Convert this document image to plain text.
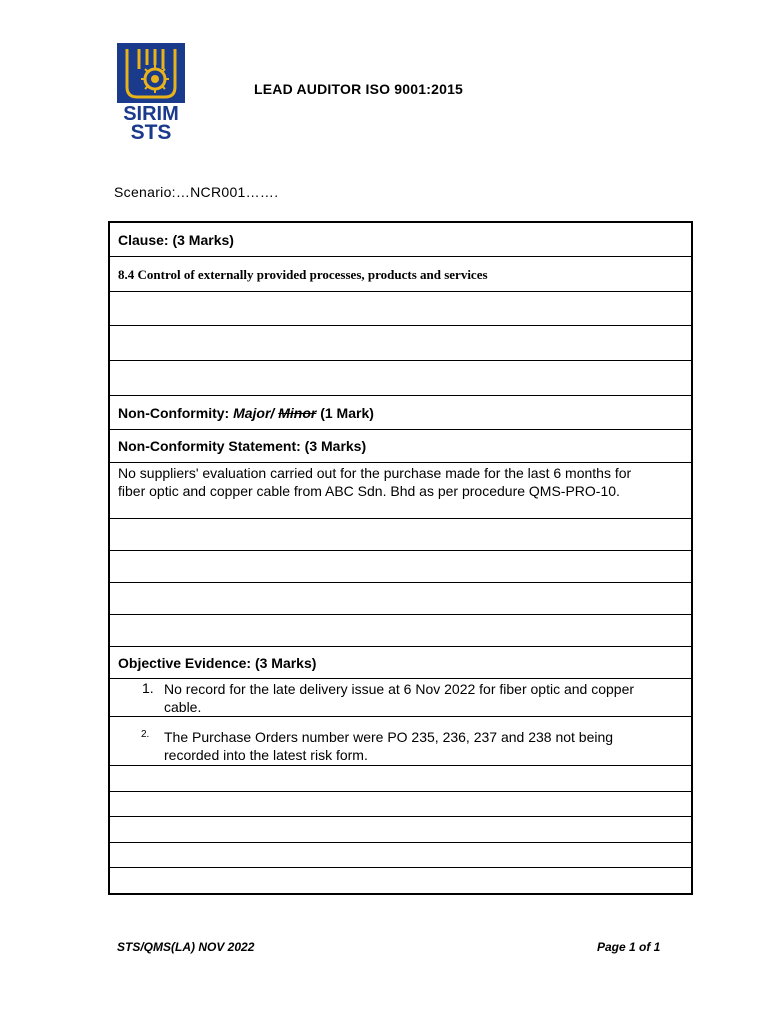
SIRIM
STS
LEAD AUDITOR ISO 9001:2015
Scenario:…NCR001…….
Clause: (3 Marks)
8.4 Control of externally provided processes, products and services
Non-Conformity: Major/ Minor (1 Mark)
Non-Conformity Statement: (3 Marks)
No suppliers' evaluation carried out for the purchase made for the last 6 months for fiber optic and copper cable from ABC Sdn. Bhd as per procedure QMS-PRO-10.
Objective Evidence: (3 Marks)
1. No record for the late delivery issue at 6 Nov 2022 for fiber optic and copper cable.
2. The Purchase Orders number were PO 235, 236, 237 and 238 not being recorded into the latest risk form.
STS/QMS(LA) NOV 2022	Page 1 of 1
